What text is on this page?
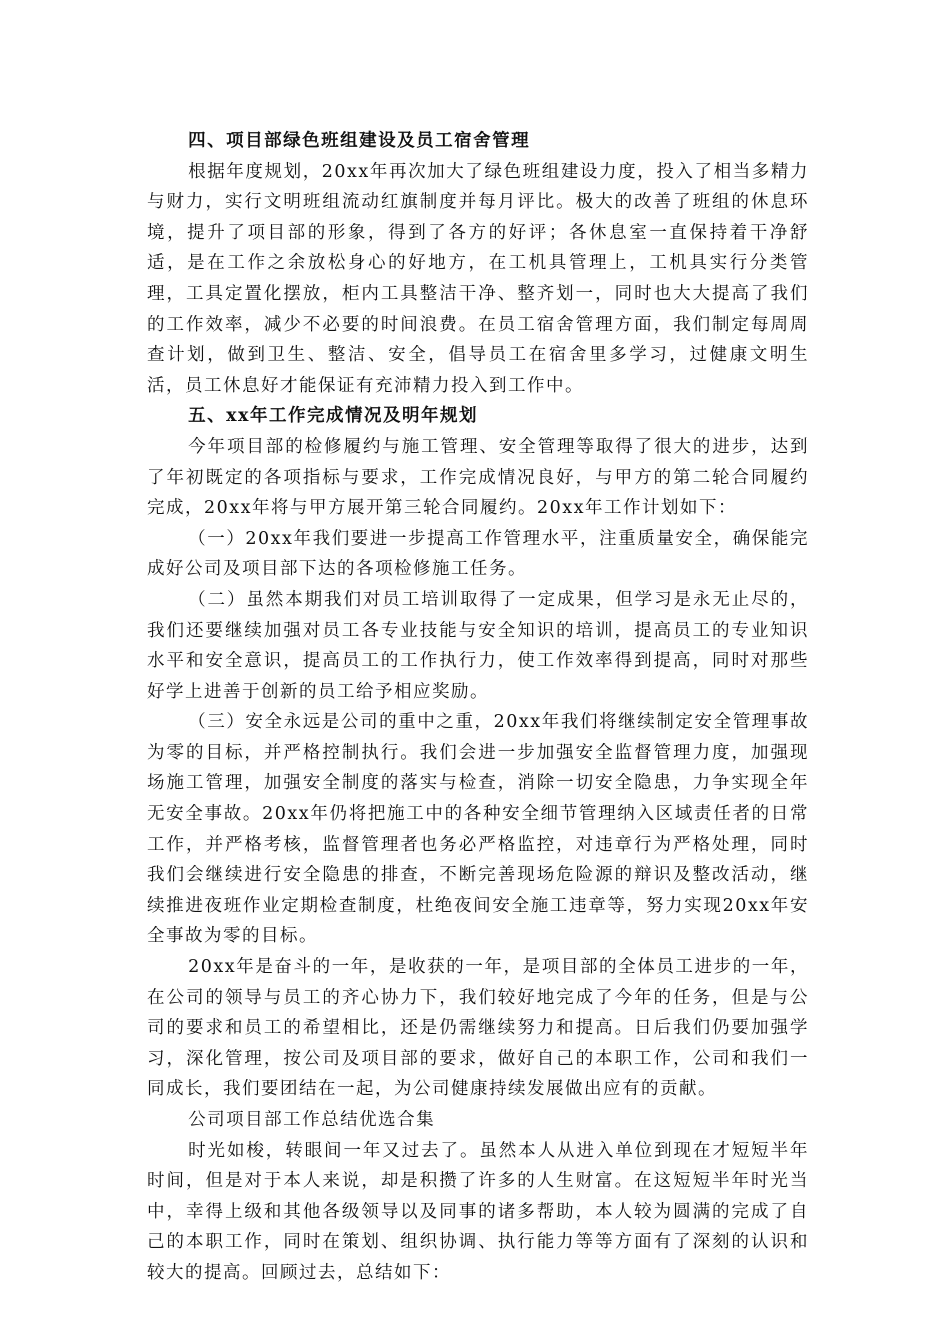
四、项目部绿色班组建设及员工宿舍管理

根据年度规划，20xx年再次加大了绿色班组建设力度，投入了相当多精力与财力，实行文明班组流动红旗制度并每月评比。极大的改善了班组的休息环境，提升了项目部的形象，得到了各方的好评；各休息室一直保持着干净舒适，是在工作之余放松身心的好地方，在工机具管理上，工机具实行分类管理，工具定置化摆放，柜内工具整洁干净、整齐划一，同时也大大提高了我们的工作效率，减少不必要的时间浪费。在员工宿舍管理方面，我们制定每周周查计划，做到卫生、整洁、安全，倡导员工在宿舍里多学习，过健康文明生活，员工休息好才能保证有充沛精力投入到工作中。

五、xx年工作完成情况及明年规划

今年项目部的检修履约与施工管理、安全管理等取得了很大的进步，达到了年初既定的各项指标与要求，工作完成情况良好，与甲方的第二轮合同履约完成，20xx年将与甲方展开第三轮合同履约。20xx年工作计划如下：

（一）20xx年我们要进一步提高工作管理水平，注重质量安全，确保能完成好公司及项目部下达的各项检修施工任务。

（二）虽然本期我们对员工培训取得了一定成果，但学习是永无止尽的，我们还要继续加强对员工各专业技能与安全知识的培训，提高员工的专业知识水平和安全意识，提高员工的工作执行力，使工作效率得到提高，同时对那些好学上进善于创新的员工给予相应奖励。

（三）安全永远是公司的重中之重，20xx年我们将继续制定安全管理事故为零的目标，并严格控制执行。我们会进一步加强安全监督管理力度，加强现场施工管理，加强安全制度的落实与检查，消除一切安全隐患，力争实现全年无安全事故。20xx年仍将把施工中的各种安全细节管理纳入区域责任者的日常工作，并严格考核，监督管理者也务必严格监控，对违章行为严格处理，同时我们会继续进行安全隐患的排查，不断完善现场危险源的辩识及整改活动，继续推进夜班作业定期检查制度，杜绝夜间安全施工违章等，努力实现20xx年安全事故为零的目标。

20xx年是奋斗的一年，是收获的一年，是项目部的全体员工进步的一年，在公司的领导与员工的齐心协力下，我们较好地完成了今年的任务，但是与公司的要求和员工的希望相比，还是仍需继续努力和提高。日后我们仍要加强学习，深化管理，按公司及项目部的要求，做好自己的本职工作，公司和我们一同成长，我们要团结在一起，为公司健康持续发展做出应有的贡献。

公司项目部工作总结优选合集

时光如梭，转眼间一年又过去了。虽然本人从进入单位到现在才短短半年时间，但是对于本人来说，却是积攒了许多的人生财富。在这短短半年时光当中，幸得上级和其他各级领导以及同事的诸多帮助，本人较为圆满的完成了自己的本职工作，同时在策划、组织协调、执行能力等等方面有了深刻的认识和较大的提高。回顾过去，总结如下：
